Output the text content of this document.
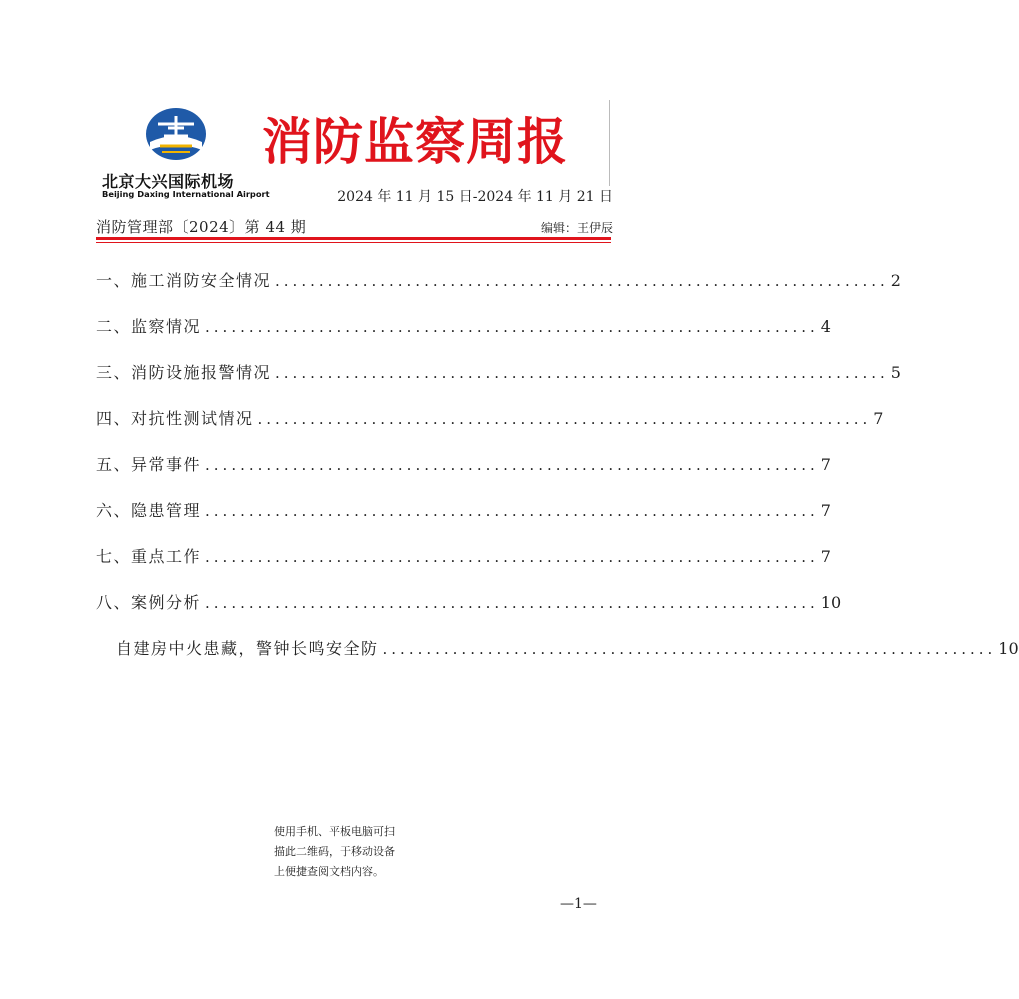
北京大兴国际机场
Beijing Daxing International Airport
消防监察周报
2024 年 11 月 15 日-2024 年 11 月 21 日
消防管理部〔2024〕第 44 期	编辑：王伊辰
一、施工消防安全情况 ...................................................................... 2
二、监察情况 ...................................................................... 4
三、消防设施报警情况 ...................................................................... 5
四、对抗性测试情况 ...................................................................... 7
五、异常事件 ...................................................................... 7
六、隐患管理 ...................................................................... 7
七、重点工作 ...................................................................... 7
八、案例分析 ...................................................................... 10
自建房中火患藏，警钟长鸣安全防 ...................................................................... 10
使用手机、平板电脑可扫
描此二维码，于移动设备
上便捷查阅文档内容。
—1—
